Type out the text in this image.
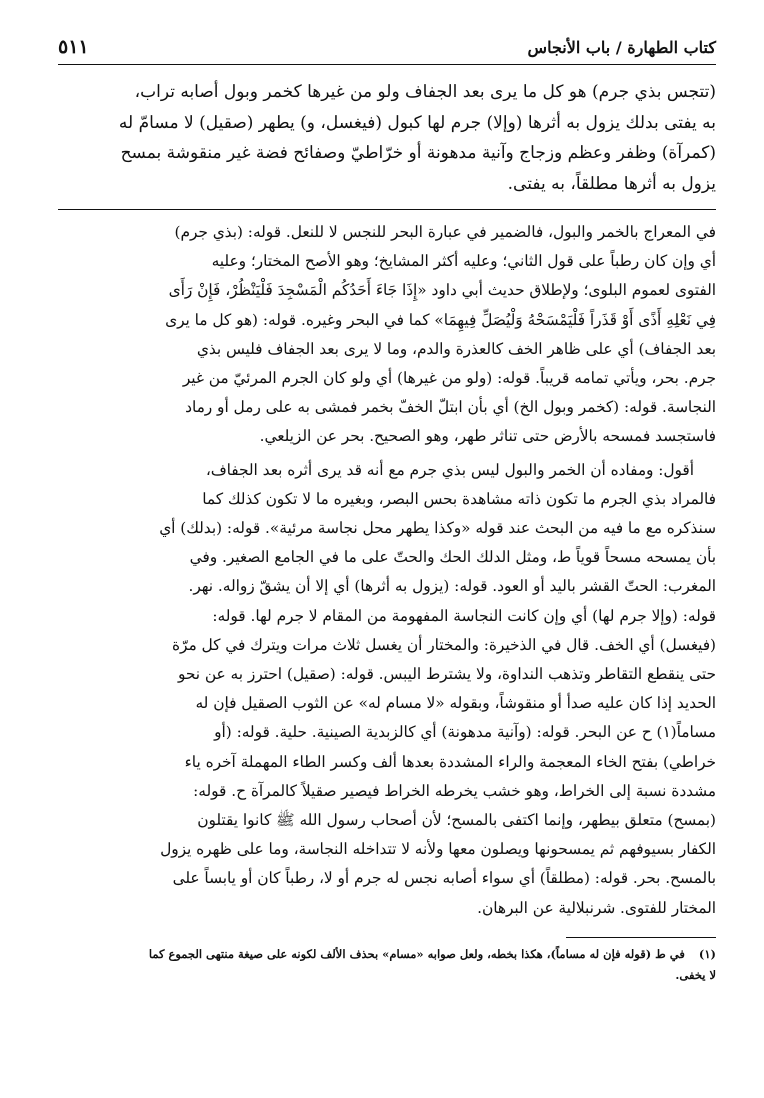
كتاب الطهارة / باب الأنجاس
٥١١

(تتجس بذي جرم) هو كل ما يرى بعد الجفاف ولو من غيرها كخمر وبول أصابه تراب،

به يفتى بدلك يزول به أثرها (وإلا) جرم لها كبول (فيغسل، و) يطهر (صقيل) لا مسامّ له

(كمرآة) وظفر وعظم وزجاج وآنية مدهونة أو خرّاطيّ وصفائح فضة غير منقوشة بمسح

يزول به أثرها مطلقاً، به يفتى.

في المعراج بالخمر والبول، فالضمير في عبارة البحر للنجس لا للنعل. قوله: (بذي جرم)

أي وإن كان رطباً على قول الثاني؛ وعليه أكثر المشايخ؛ وهو الأصح المختار؛ وعليه

الفتوى لعموم البلوى؛ ولإطلاق حديث أبي داود «إِذَا جَاءَ أَحَدُكُم الْمَسْجِدَ فَلْيَنْظُرْ، فَإِنْ رَأَى

فِي نَعْلِهِ أَذًى أَوْ قَذَراً فَلْيَمْسَحْهُ وَلْيُصَلِّ فِيهِمَا» كما في البحر وغيره. قوله: (هو كل ما يرى

بعد الجفاف) أي على ظاهر الخف كالعذرة والدم، وما لا يرى بعد الجفاف فليس بذي

جرم. بحر، ويأتي تمامه قريباً. قوله: (ولو من غيرها) أي ولو كان الجرم المرئيّ من غير

النجاسة. قوله: (كخمر وبول الخ) أي بأن ابتلّ الخفّ بخمر فمشى به على رمل أو رماد

فاستجسد فمسحه بالأرض حتى تناثر طهر، وهو الصحيح. بحر عن الزيلعي.

أقول: ومفاده أن الخمر والبول ليس بذي جرم مع أنه قد يرى أثره بعد الجفاف،

فالمراد بذي الجرم ما تكون ذاته مشاهدة بحس البصر، وبغيره ما لا تكون كذلك كما

سنذكره مع ما فيه من البحث عند قوله «وكذا يطهر محل نجاسة مرئية». قوله: (بدلك) أي

بأن يمسحه مسحاً قوياً ط، ومثل الدلك الحك والحتّ على ما في الجامع الصغير. وفي

المغرب: الحتّ القشر باليد أو العود. قوله: (يزول به أثرها) أي إلا أن يشقّ زواله. نهر.

قوله: (وإلا جرم لها) أي وإن كانت النجاسة المفهومة من المقام لا جرم لها. قوله:

(فيغسل) أي الخف. قال في الذخيرة: والمختار أن يغسل ثلاث مرات ويترك في كل مرّة

حتى ينقطع التقاطر وتذهب النداوة، ولا يشترط اليبس. قوله: (صقيل) احترز به عن نحو

الحديد إذا كان عليه صدأ أو منقوشاً، وبقوله «لا مسام له» عن الثوب الصقيل فإن له

مساماً(١) ح عن البحر. قوله: (وآنية مدهونة) أي كالزبدية الصينية. حلية. قوله: (أو

خراطي) بفتح الخاء المعجمة والراء المشددة بعدها ألف وكسر الطاء المهملة آخره ياء

مشددة نسبة إلى الخراط، وهو خشب يخرطه الخراط فيصير صقيلاً كالمرآة ح. قوله:

(بمسح) متعلق بيطهر، وإنما اكتفى بالمسح؛ لأن أصحاب رسول الله ﷺ كانوا يقتلون

الكفار بسيوفهم ثم يمسحونها ويصلون معها ولأنه لا تتداخله النجاسة، وما على ظهره يزول

بالمسح. بحر. قوله: (مطلقاً) أي سواء أصابه نجس له جرم أو لا، رطباً كان أو يابساً على

المختار للفتوى. شرنبلالية عن البرهان.

(١)في ط (قوله فإن له مساماً)، هكذا بخطه، ولعل صوابه «مسام» بحذف الألف لكونه على صيغة منتهى الجموع كما

لا يخفى.
